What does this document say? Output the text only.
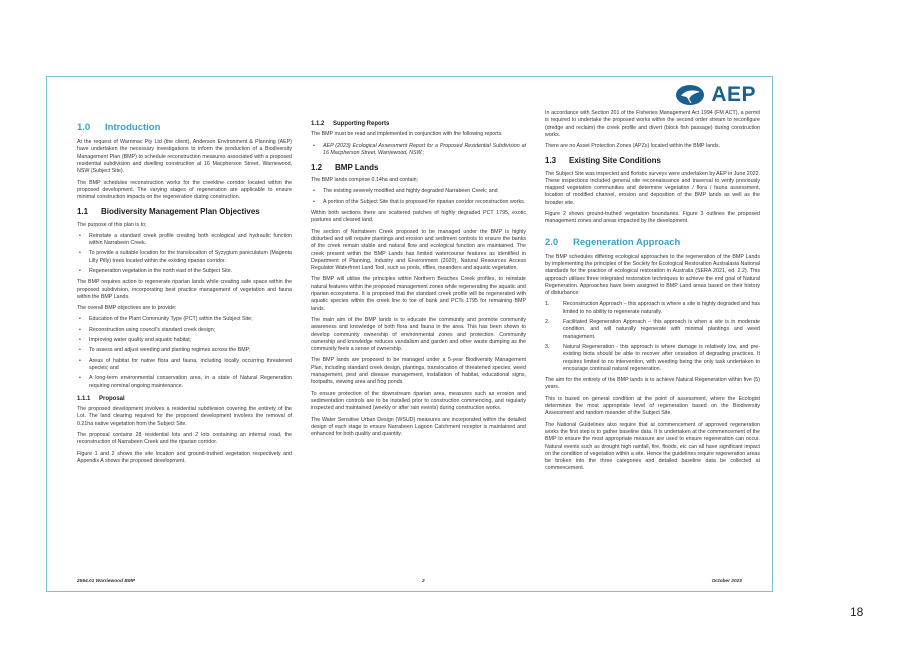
AEP
1.0 Introduction

At the request of Warrimac Pty Ltd (the client), Anderson Environment & Planning (AEP) have undertaken the necessary investigations to inform the production of a Biodiversity Management Plan (BMP) to schedule reconstruction measures associated with a proposed residential subdivision and dwelling construction at 16 Macpherson Street, Warriewood, NSW (Subject Site).

The BMP schedules reconstruction works for the creekline corridor located within the proposed development. The varying stages of regeneration are applicable to ensure minimal construction impacts on the regeneration during construction.

1.1 Biodiversity Management Plan Objectives

The purpose of this plan is to;

• Reinstate a standard creek profile creating both ecological and hydraulic function within Narrabeen Creek.
• To provide a suitable location for the translocation of Syzygium paniculatum (Magenta Lilly Pilly) trees located within the existing riparian corridor.
• Regeneration vegetation in the north east of the Subject Site.

The BMP requires action to regenerate riparian lands while creating safe space within the proposed subdivision, incorporating best practice management of vegetation and fauna within the BMP Lands.

The overall BMP objectives are to provide:

• Education of the Plant Community Type (PCT) within the Subject Site;
• Reconstruction using council's standard creek design;
• Improving water quality and aquatic habitat;
• To assess and adjust weeding and planting regimes across the BMP;
• Areas of habitat for native flora and fauna, including locally occurring threatened species; and
• A long-term environmental conservation area, in a state of Natural Regeneration requiring nominal ongoing maintenance.
1.1.1 Proposal

The proposed development involves a residential subdivision covering the entirety of the Lot. The land clearing required for the proposed development involves the removal of 0.21ha native vegetation from the Subject Site.

The proposal contains 28 residential lots and 2 lots containing an internal road, the reconstruction of Narrabeen Creek and the riparian corridor.

Figure 1 and 2 shows the site location and ground-truthed vegetation respectively and Appendix A shows the proposed development.

1.1.2 Supporting Reports

The BMP must be read and implemented in conjunction with the following reports:

• AEP (2023) Ecological Assessment Report for a Proposed Residential Subdivision at 16 Macpherson Street, Warriewood, NSW.;
1.2 BMP Lands

The BMP lands comprise 0.14ha and contain;

• The existing severely modified and highly degraded Narrabeen Creek; and
• A portion of the Subject Site that is proposed for riparian corridor reconstruction works.

Within both sections there are scattered patches of highly degraded PCT 1795, exotic pastures and cleared land.

The section of Narrabeen Creek proposed to be managed under the BMP is highly disturbed and will require plantings and erosion and sediment controls to ensure the banks of the creek remain stable and natural flow and ecological function are maintained. The creek present within the BMP Lands has limited watercourse features as identified in Department of Planning, Industry and Environment (2020), Natural Resources Access Regulator Waterfront Land Tool, such as pools, riffles, meanders and aquatic vegetation.

The BMP will utilise the principles within Northern Beaches Creek profiles, to reinstate natural features within the proposed management zones while regenerating the aquatic and riparian ecosystems. It is proposed that the standard creek profile will be regenerated with aquatic species within the creek line to toe of bank and PCTs 1795 for remaining BMP lands.

The main aim of the BMP lands is to educate the community and promote community awareness and knowledge of both flora and fauna in the area. This has been shown to develop community ownership of environmental zones and protection. Community ownership and knowledge reduces vandalism and garden and other waste dumping as the community feels a sense of ownership.

The BMP lands are proposed to be managed under a 5-year Biodiversity Management Plan, including standard creek design, plantings, translocation of threatened species, weed management, pest and disease management, installation of habitat, educational signs, footpaths, viewing area and frog ponds.

To ensure protection of the downstream riparian area, measures such as erosion and sedimentation controls are to be installed prior to construction commencing, and regularly inspected and maintained (weekly or after rain events) during construction works.

The Water Sensitive Urban Design (WSUD) measures are incorporated within the detailed design of each stage to ensure Narrabeen Lagoon Catchment receptor is maintained and enhanced for both quality and quantity.

In accordance with Section 201 of the Fisheries Management Act 1994 (FM ACT), a permit is required to undertake the proposed works within the second order stream to reconfigure (dredge and reclaim) the creek profile and divert (block fish passage) during construction works.

There are no Asset Protection Zones (APZs) located within the BMP lands.

1.3 Existing Site Conditions

The Subject Site was inspected and floristic surveys were undertaken by AEP in June 2022. These inspections included general site reconnaissance and traversal to verify previously mapped vegetation communities and determine vegetation / flora / fauna assessment, location of modified channel, erosion and deposition of the BMP lands as well as the broader site.

Figure 2 shows ground-truthed vegetation boundaries. Figure 3 outlines the proposed management zones and areas impacted by the development.

2.0 Regeneration Approach

The BMP schedules differing ecological approaches to the regeneration of the BMP Lands by implementing the principles of the Society for Ecological Restoration Australasia National standards for the practice of ecological restoration in Australia (SERA 2021, ed. 2.2). This approach utilises three integrated restoration techniques to achieve the end goal of Natural Regeneration. Approaches have been assigned to BMP Land areas based on their history of disturbance:

1.	Reconstruction Approach – this approach is where a site is highly degraded and has limited to no ability to regenerate naturally.
2.	Facilitated Regeneration Approach – this approach is when a site is in moderate condition, and will naturally regenerate with minimal plantings and weed management.
3.	Natural Regeneration - this approach is where damage is relatively low, and pre-existing biota should be able to recover after cessation of degrading practices. It requires limited to no intervention, with weeding being the only task undertaken to encourage continual natural regeneration.

The aim for the entirety of the BMP lands is to achieve Natural Regeneration within five (5) years.

This is based on general condition at the point of assessment, where the Ecologist determines the most appropriate level of regeneration based on the Biodiversity Assessment and random meander of the Subject Site.

The National Guidelines also require that at commencement of approved regeneration works the first step is to gather baseline data. It is undertaken at the commencement of the BMP to ensure the most appropriate measure are used to ensure regeneration can occur. Natural events such as drought high rainfall, fire, floods, etc can all have significant impact on the condition of vegetation within a site. Hence the guidelines require regeneration areas be broken into the three categories and detailed baseline data be collected at commencement.

2564.01 Warriewood BMP	2	October 2023
18
